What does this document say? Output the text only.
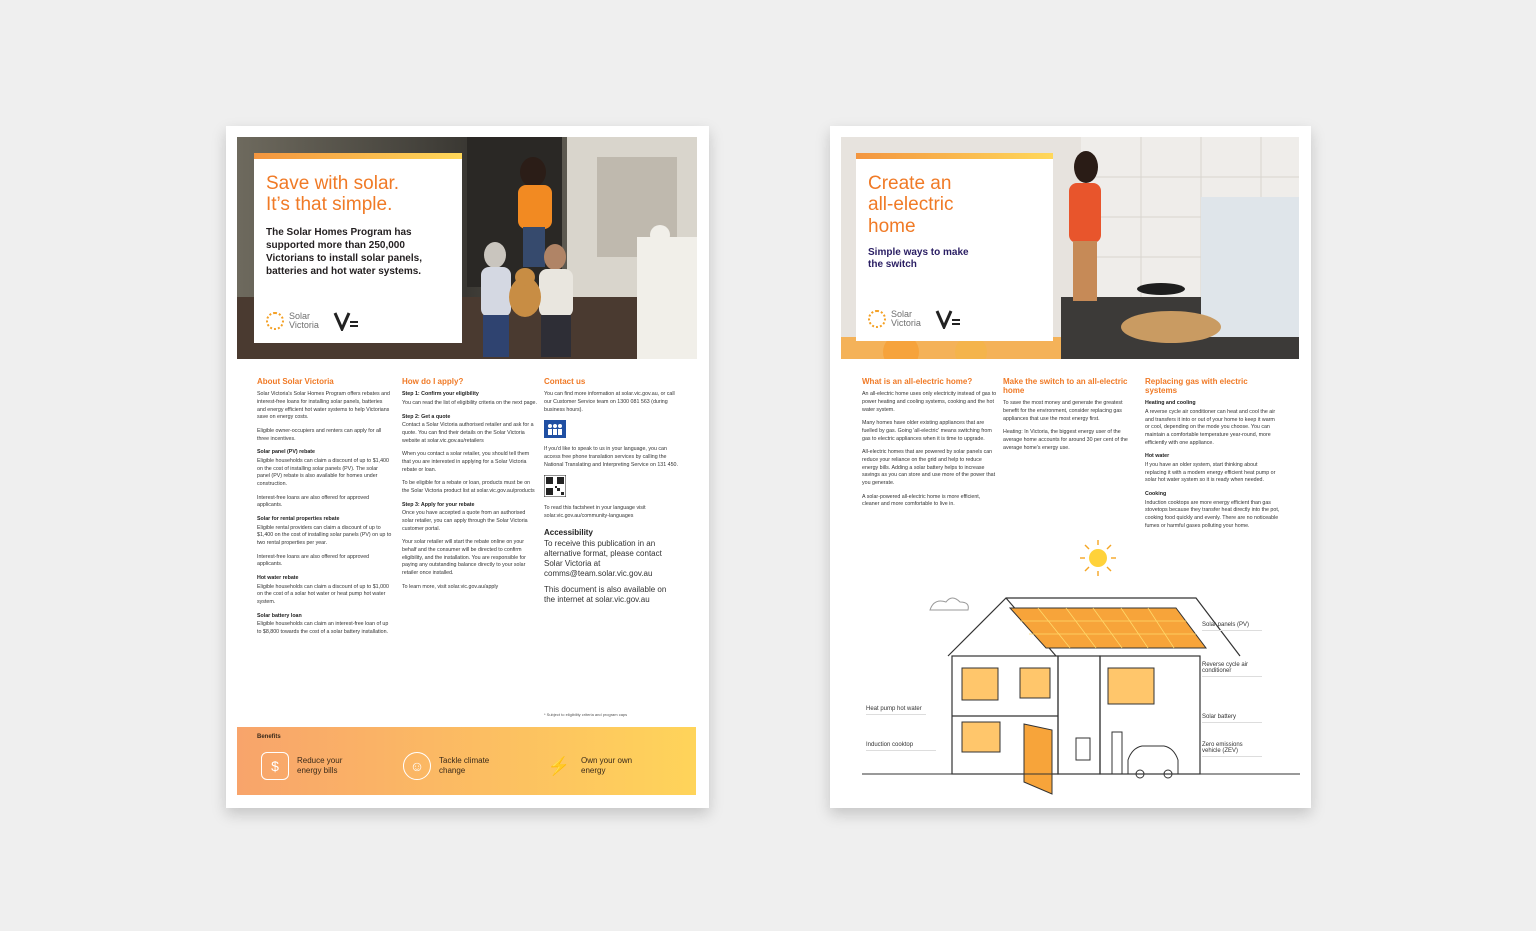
Save with solar.

It’s that simple.

The Solar Homes Program has supported more than 250,000 Victorians to install solar panels, batteries and hot water systems.

Solar
Victoria
About Solar Victoria

Solar Victoria's Solar Homes Program offers rebates and interest-free loans for installing solar panels, batteries and energy efficient hot water systems to help Victorians save on energy costs.

Eligible owner-occupiers and renters can apply for all three incentives.

Solar panel (PV) rebate

Eligible households can claim a discount of up to $1,400 on the cost of installing solar panels (PV). The solar panel (PV) rebate is also available for homes under construction.

Interest-free loans are also offered for approved applicants.

Solar for rental properties rebate

Eligible rental providers can claim a discount of up to $1,400 on the cost of installing solar panels (PV) on up to two rental properties per year.

Interest-free loans are also offered for approved applicants.

Hot water rebate

Eligible households can claim a discount of up to $1,000 on the cost of a solar hot water or heat pump hot water system.

Solar battery loan

Eligible households can claim an interest-free loan of up to $8,800 towards the cost of a solar battery installation.

How do I apply?

Step 1: Confirm your eligibility

You can read the list of eligibility criteria on the next page.

Step 2: Get a quote

Contact a Solar Victoria authorised retailer and ask for a quote. You can find their details on the Solar Victoria website at solar.vic.gov.au/retailers

When you contact a solar retailer, you should tell them that you are interested in applying for a Solar Victoria rebate or loan.

To be eligible for a rebate or loan, products must be on the Solar Victoria product list at solar.vic.gov.au/products

Step 3: Apply for your rebate

Once you have accepted a quote from an authorised solar retailer, you can apply through the Solar Victoria customer portal.

Your solar retailer will start the rebate online on your behalf and the consumer will be directed to confirm eligibility, and the installation. You are responsible for paying any outstanding balance directly to your solar retailer once installed.

To learn more, visit solar.vic.gov.au/apply

Contact us

You can find more information at solar.vic.gov.au, or call our Customer Service team on 1300 081 563 (during business hours).

If you'd like to speak to us in your language, you can access free phone translation services by calling the National Translating and Interpreting Service on 131 450.

To read this factsheet in your language visit solar.vic.gov.au/community-languages

Accessibility

To receive this publication in an alternative format, please contact Solar Victoria at comms@team.solar.vic.gov.au

This document is also available on the internet at solar.vic.gov.au

* Subject to eligibility criteria and program caps
Benefits
$	Reduce your energy bills	☺	Tackle climate change	⚡	Own your own energy

Create an

all-electric

home

Simple ways to make

the switch

Solar
Victoria
What is an all-electric home?

An all-electric home uses only electricity instead of gas to power heating and cooling systems, cooking and the hot water system.

Many homes have older existing appliances that are fuelled by gas. Going 'all-electric' means switching from gas to electric appliances when it is time to upgrade.

All-electric homes that are powered by solar panels can reduce your reliance on the grid and help to reduce energy bills. Adding a solar battery helps to increase savings as you can store and use more of the power that you generate.

A solar-powered all-electric home is more efficient, cleaner and more comfortable to live in.

Make the switch to an all-electric home

To save the most money and generate the greatest benefit for the environment, consider replacing gas appliances that use the most energy first.

Heating: In Victoria, the biggest energy user of the average home accounts for around 30 per cent of the average home's energy use.

Replacing gas with electric systems

Heating and cooling

A reverse cycle air conditioner can heat and cool the air and transfers it into or out of your home to keep it warm or cool, depending on the mode you choose. You can maintain a comfortable temperature year-round, more efficiently with one appliance.

Hot water

If you have an older system, start thinking about replacing it with a modern energy efficient heat pump or solar hot water system so it is ready when needed.

Cooking

Induction cooktops are more energy efficient than gas stovetops because they transfer heat directly into the pot, cooking food quickly and evenly. There are no noticeable fumes or harmful gases polluting your home.

Solar panels (PV)
Reverse cycle air conditioner
Solar battery
Zero emissions vehicle (ZEV)
Heat pump hot water
Induction cooktop
